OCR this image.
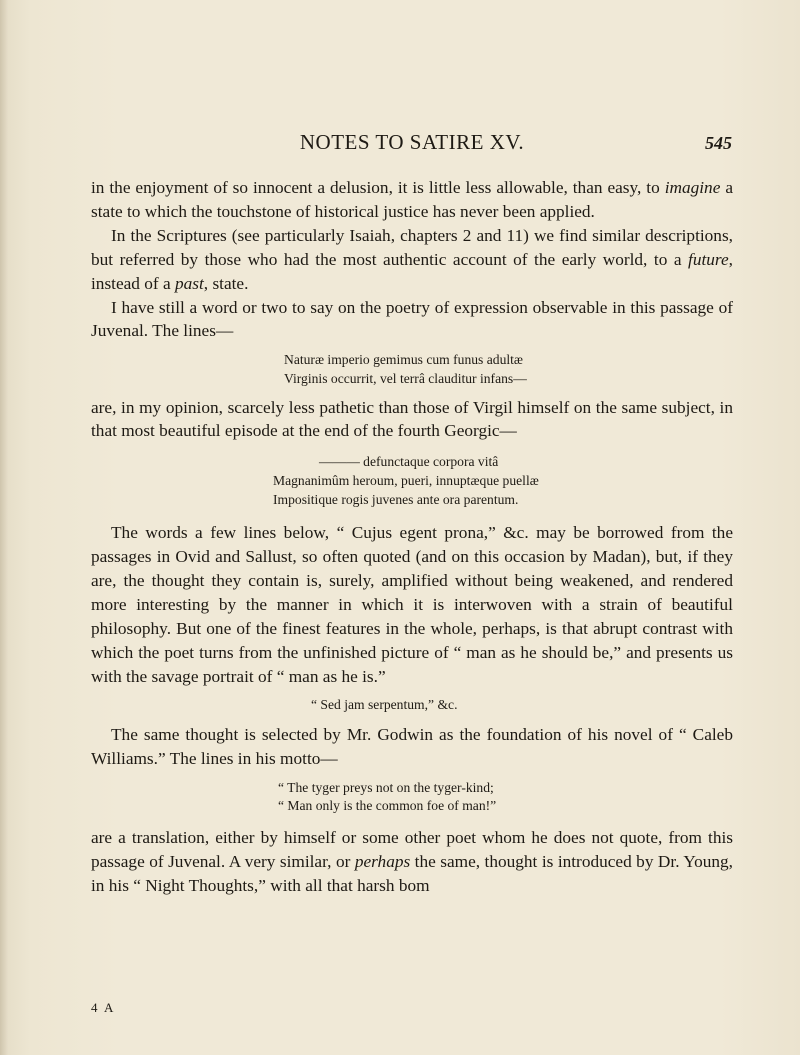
NOTES TO SATIRE XV.	545

in the enjoyment of so innocent a delusion, it is little less allowable, than easy, to imagine a state to which the touchstone of historical justice has never been applied.

In the Scriptures (see particularly Isaiah, chapters 2 and 11) we find similar descriptions, but referred by those who had the most authentic account of the early world, to a future, instead of a past, state.

I have still a word or two to say on the poetry of expression observable in this passage of Juvenal. The lines—

Naturæ imperio gemimus cum funus adultæ
Virginis occurrit, vel terrâ clauditur infans—

are, in my opinion, scarcely less pathetic than those of Virgil himself on the same subject, in that most beautiful episode at the end of the fourth Georgic—

——— defunctaque corpora vitâ
Magnanimûm heroum, pueri, innuptæque puellæ
Impositique rogis juvenes ante ora parentum.

The words a few lines below, “ Cujus egent prona,” &c. may be borrowed from the passages in Ovid and Sallust, so often quoted (and on this occasion by Madan), but, if they are, the thought they contain is, surely, amplified without being weakened, and rendered more interesting by the manner in which it is interwoven with a strain of beautiful philosophy. But one of the finest features in the whole, perhaps, is that abrupt contrast with which the poet turns from the unfinished picture of “ man as he should be,” and presents us with the savage portrait of “ man as he is.”

“ Sed jam serpentum,” &c.

The same thought is selected by Mr. Godwin as the foundation of his novel of “ Caleb Williams.” The lines in his motto—

“ The tyger preys not on the tyger-kind;
“ Man only is the common foe of man!”

are a translation, either by himself or some other poet whom he does not quote, from this passage of Juvenal. A very similar, or perhaps the same, thought is introduced by Dr. Young, in his “ Night Thoughts,” with all that harsh bom

4 A
